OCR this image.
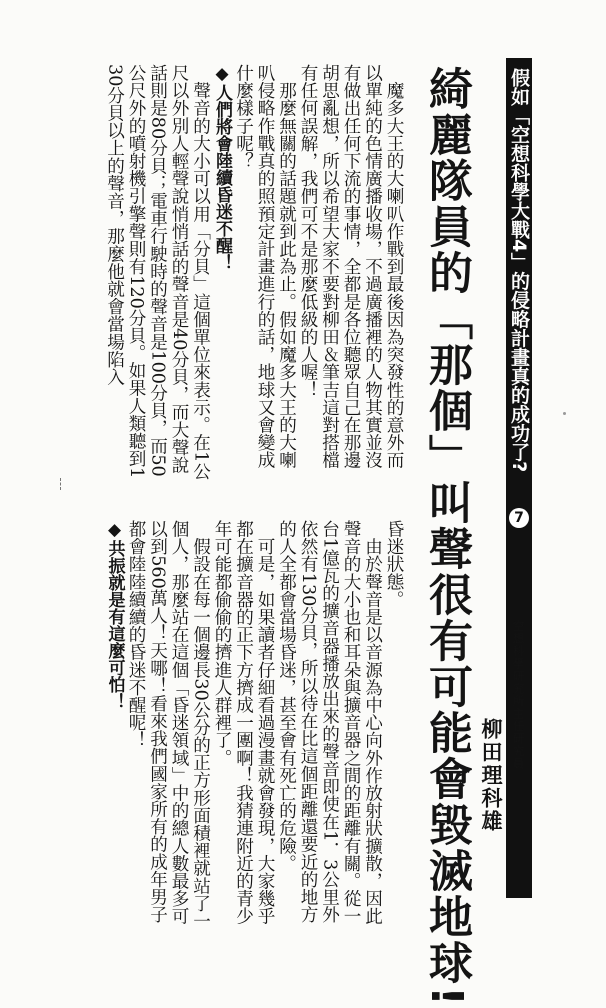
假如「空想科學大戰4」的侵略計畫真的成功了?
7
空想科學研究所主任研究員
柳田理科雄
綺麗隊員的「那個」叫聲很有可能會毀滅地球!
　魔多大王的大喇叭作戰到最後因為突發性的意外而以單純的色情廣播收場，不過廣播裡的人物其實並沒有做出任何下流的事情，全都是各位聽眾自己在那邊胡思亂想，所以希望大家不要對柳田＆筆吉這對搭檔有任何誤解，我們可不是那麼低級的人喔！
　那麼無關的話題就到此為止。假如魔多大王的大喇叭侵略作戰真的照預定計畫進行的話，地球又會變成什麼樣子呢？
◆人們將會陸續昏迷不醒！
　聲音的大小可以用「分貝」這個單位來表示。在1公尺以外別人輕聲說悄悄話的聲音是40分貝，而大聲說話則是80分貝；電車行駛時的聲音是100分貝，而50公尺外的噴射機引擎聲則有120分貝。如果人類聽到130分貝以上的聲音，那麼他就會當場陷入
昏迷狀態。
　由於聲音是以音源為中心向外作放射狀擴散，因此聲音的大小也和耳朵與擴音器之間的距離有關。從一台1億瓦的擴音器播放出來的聲音即使在1．3公里外依然有130分貝，所以待在比這個距離還要近的地方的人全都會當場昏迷，甚至會有死亡的危險。
　可是，如果讀者仔細看過漫畫就會發現，大家幾乎都在擴音器的正下方擠成一團啊！我猜連附近的青少年可能都偷偷的擠進人群裡了。
　假設在每一個邊長30公分的正方形面積裡就站了一個人，那麼站在這個「昏迷領域」中的總人數最多可以到560萬人！天哪！看來我們國家所有的成年男子都會陸陸續續的昏迷不醒呢！
◆共振就是有這麼可怕！
